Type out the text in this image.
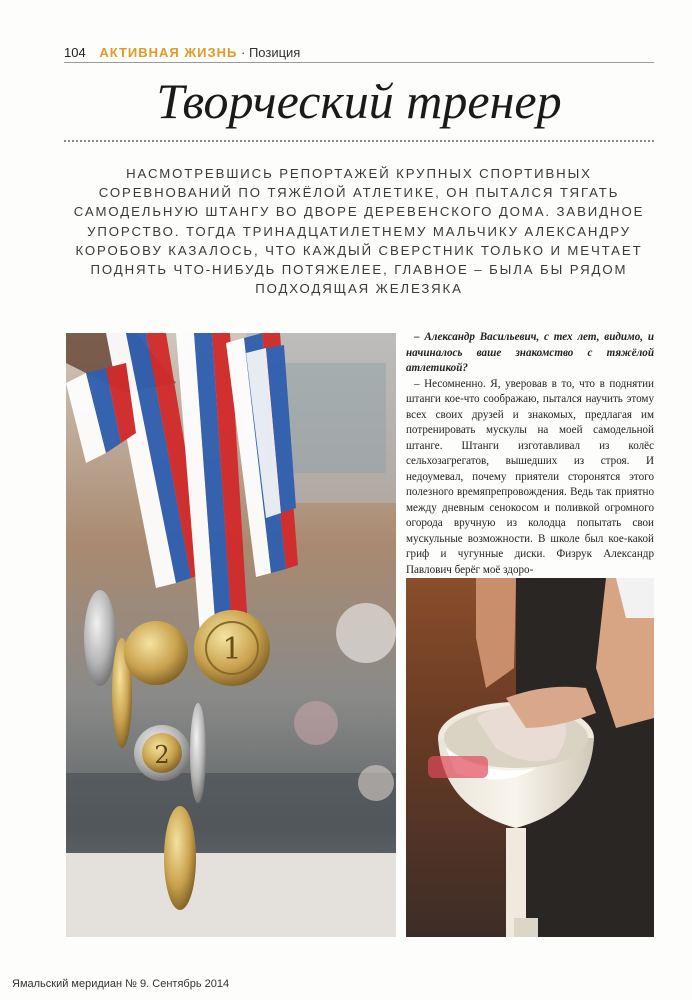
104 АКТИВНАЯ ЖИЗНЬ · Позиция
Творческий тренер
НАСМОТРЕВШИСЬ РЕПОРТАЖЕЙ КРУПНЫХ СПОРТИВНЫХ СОРЕВНОВАНИЙ ПО ТЯЖЁЛОЙ АТЛЕТИКЕ, ОН ПЫТАЛСЯ ТЯГАТЬ САМОДЕЛЬНУЮ ШТАНГУ ВО ДВОРЕ ДЕРЕВЕНСКОГО ДОМА. ЗАВИДНОЕ УПОРСТВО. ТОГДА ТРИНАДЦАТИЛЕТНЕМУ МАЛЬЧИКУ АЛЕКСАНДРУ КОРОБОВУ КАЗАЛОСЬ, ЧТО КАЖДЫЙ СВЕРСТНИК ТОЛЬКО И МЕЧТАЕТ ПОДНЯТЬ ЧТО-НИБУДЬ ПОТЯЖЕЛЕЕ, ГЛАВНОЕ – БЫЛА БЫ РЯДОМ ПОДХОДЯЩАЯ ЖЕЛЕЗЯКА
1
2

– Александр Васильевич, с тех лет, видимо, и начиналось ваше знакомство с тяжёлой атлетикой?

– Несомненно. Я, уверовав в то, что в поднятии штанги кое-что соображаю, пытался научить этому всех своих друзей и знакомых, предлагая им потренировать мускулы на моей самодельной штанге. Штанги изготавливал из колёс сельхозагрегатов, вышедших из строя. И недоумевал, почему приятели сторонятся этого полезного времяпрепровождения. Ведь так приятно между дневным сенокосом и поливкой огромного огорода вручную из колодца попытать свои мускульные возможности. В школе был кое-какой гриф и чугунные диски. Физрук Александр Павлович берёг моё здоро-

Ямальский меридиан № 9. Сентябрь 2014
